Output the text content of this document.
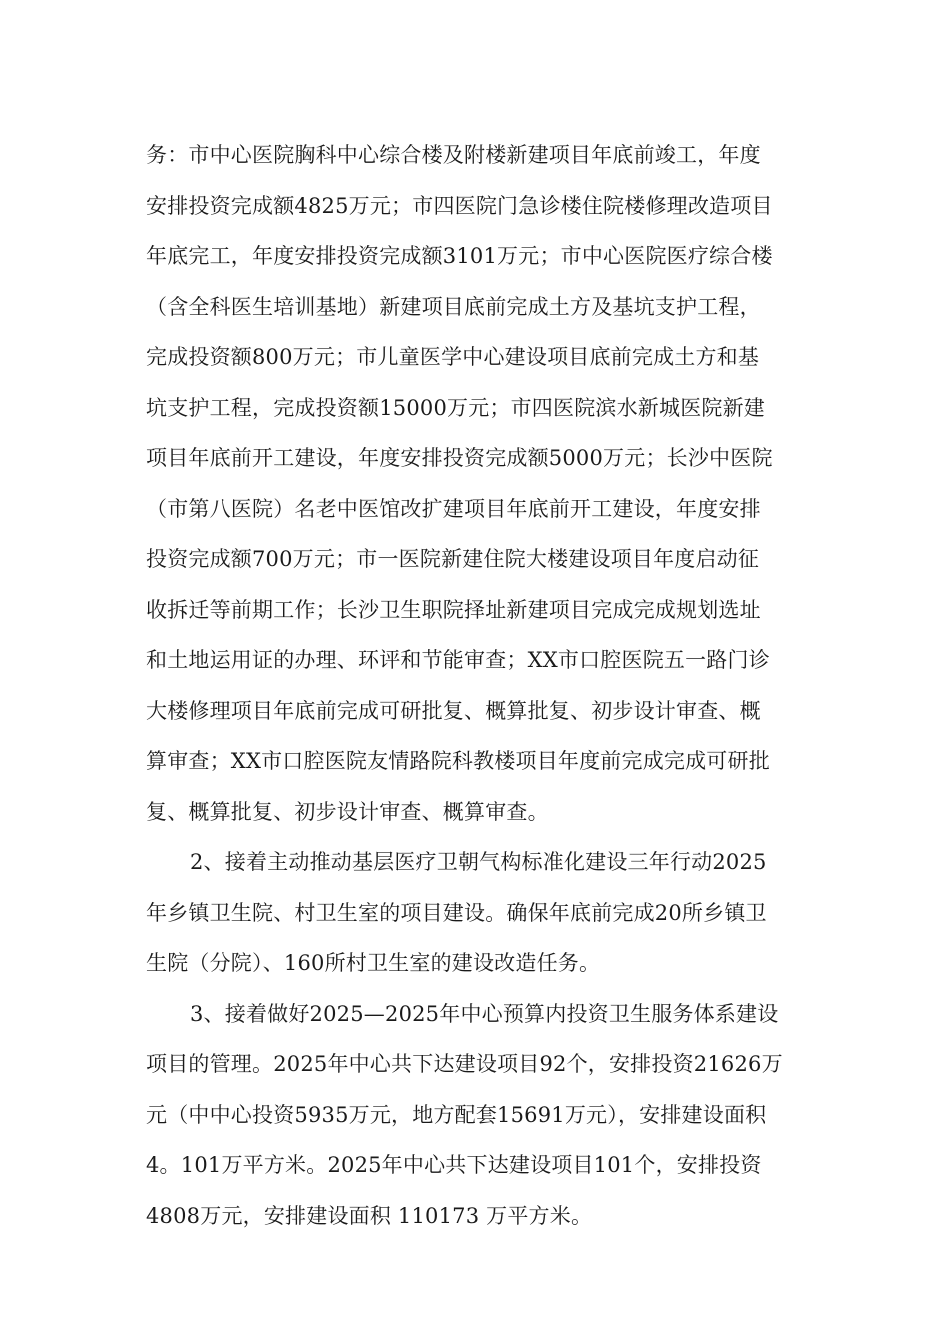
务：市中心医院胸科中心综合楼及附楼新建项目年底前竣工，年度
安排投资完成额4825万元；市四医院门急诊楼住院楼修理改造项目
年底完工，年度安排投资完成额3101万元；市中心医院医疗综合楼
（含全科医生培训基地）新建项目底前完成土方及基坑支护工程，
完成投资额800万元；市儿童医学中心建设项目底前完成土方和基
坑支护工程，完成投资额15000万元；市四医院滨水新城医院新建
项目年底前开工建设，年度安排投资完成额5000万元；长沙中医院
（市第八医院）名老中医馆改扩建项目年底前开工建设，年度安排
投资完成额700万元；市一医院新建住院大楼建设项目年度启动征
收拆迁等前期工作；长沙卫生职院择址新建项目完成完成规划选址
和土地运用证的办理、环评和节能审查；XX市口腔医院五一路门诊
大楼修理项目年底前完成可研批复、概算批复、初步设计审查、概
算审查；XX市口腔医院友情路院科教楼项目年度前完成完成可研批
复、概算批复、初步设计审查、概算审查。
2、接着主动推动基层医疗卫朝气构标准化建设三年行动2025
年乡镇卫生院、村卫生室的项目建设。确保年底前完成20所乡镇卫
生院（分院）、160所村卫生室的建设改造任务。
3、接着做好2025—2025年中心预算内投资卫生服务体系建设
项目的管理。2025年中心共下达建设项目92个，安排投资21626万
元（中中心投资5935万元，地方配套15691万元），安排建设面积
4。101万平方米。2025年中心共下达建设项目101个，安排投资
4808万元，安排建设面积 110173 万平方米。
